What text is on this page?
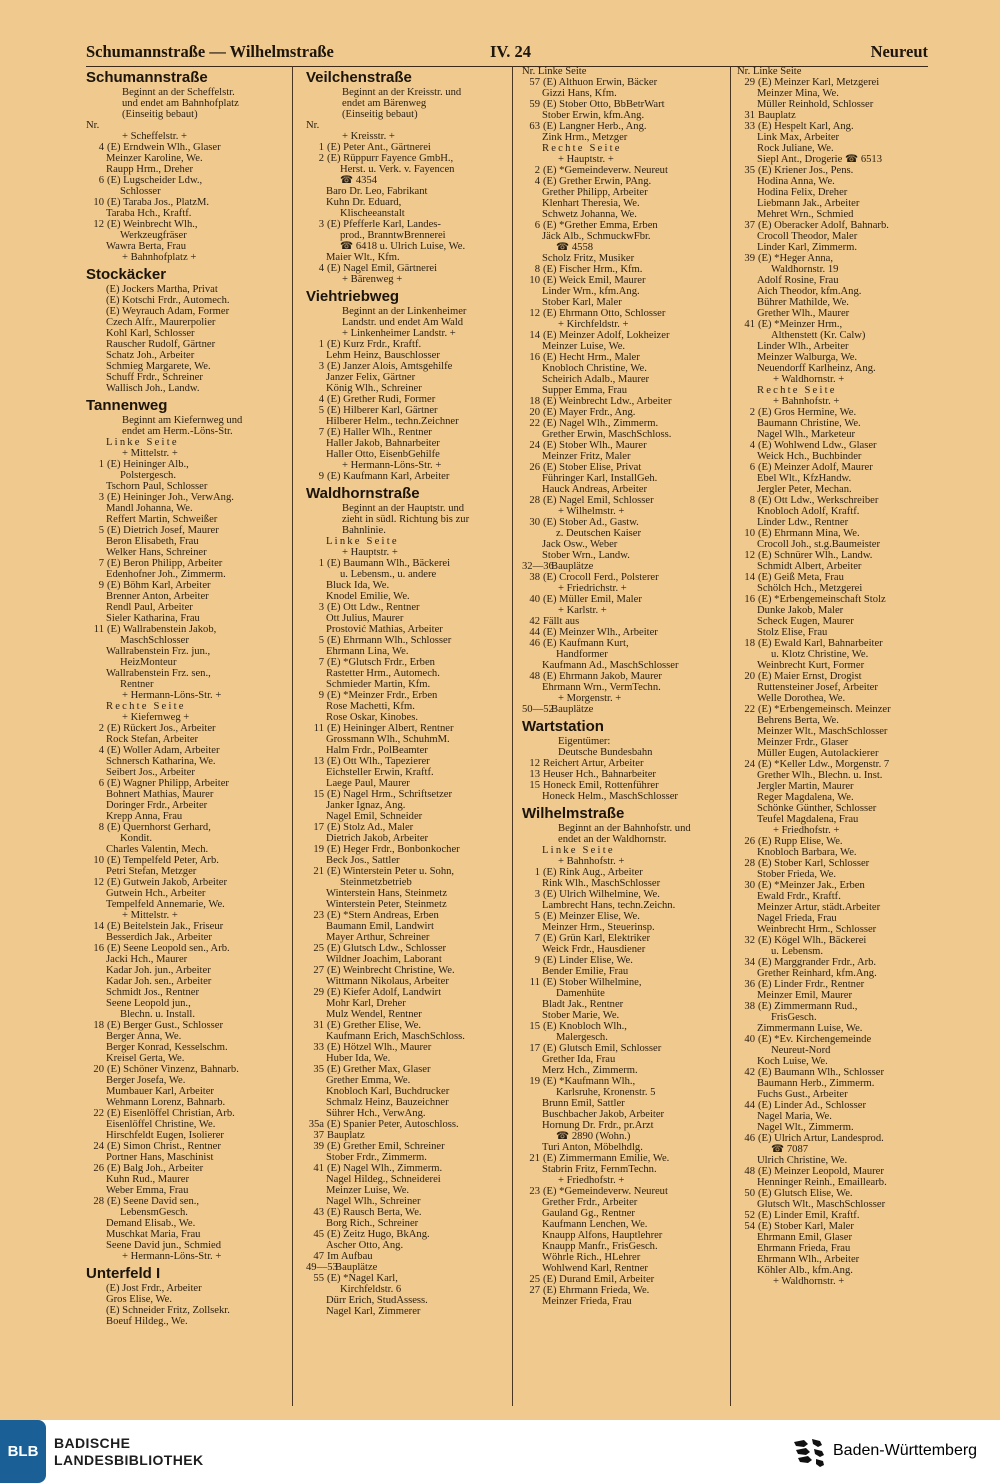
Schumannstraße — Wilhelmstraße	IV. 24	Neureut
Schumannstraße
Beginnt an der Scheffelstr.
und endet am Bahnhofplatz
(Einseitig bebaut)
Nr.
+ Scheffelstr. +
4 (E) Erndwein Wlh., Glaser
Meinzer Karoline, We.
Raupp Hrm., Dreher
6 (E) Lugscheider Ldw.,
Schlosser
10 (E) Taraba Jos., PlatzM.
Taraba Hch., Kraftf.
12 (E) Weinbrecht Wlh.,
Werkzeugfräser
Wawra Berta, Frau
+ Bahnhofplatz +
Stockäcker
(E) Jockers Martha, Privat
(E) Kotschi Frdr., Automech.
(E) Weyrauch Adam, Former
Czech Alfr., Maurerpolier
Kohl Karl, Schlosser
Rauscher Rudolf, Gärtner
Schatz Joh., Arbeiter
Schmieg Margarete, We.
Schuff Frdr., Schreiner
Wallisch Joh., Landw.
Tannenweg
Beginnt am Kiefernweg und
endet am Herm.-Löns-Str.
Linke Seite
+ Mittelstr. +
1 (E) Heininger Alb.,
Polstergesch.
Tschorn Paul, Schlosser
3 (E) Heininger Joh., VerwAng.
Mandl Johanna, We.
Reffert Martin, Schweißer
5 (E) Dietrich Josef, Maurer
Beron Elisabeth, Frau
Welker Hans, Schreiner
7 (E) Beron Philipp, Arbeiter
Edenhofner Joh., Zimmerm.
9 (E) Böhm Karl, Arbeiter
Brenner Anton, Arbeiter
Rendl Paul, Arbeiter
Sieler Katharina, Frau
11 (E) Wallrabenstein Jakob,
MaschSchlosser
Wallrabenstein Frz. jun.,
HeizMonteur
Wallrabenstein Frz. sen.,
Rentner
+ Hermann-Löns-Str. +
Rechte Seite
+ Kiefernweg +
2 (E) Rückert Jos., Arbeiter
Rock Stefan, Arbeiter
4 (E) Woller Adam, Arbeiter
Schnersch Katharina, We.
Seibert Jos., Arbeiter
6 (E) Wagner Philipp, Arbeiter
Bohnert Mathias, Maurer
Doringer Frdr., Arbeiter
Krepp Anna, Frau
8 (E) Quernhorst Gerhard,
Kondit.
Charles Valentin, Mech.
10 (E) Tempelfeld Peter, Arb.
Petri Stefan, Metzger
12 (E) Gutwein Jakob, Arbeiter
Gutwein Hch., Arbeiter
Tempelfeld Annemarie, We.
+ Mittelstr. +
14 (E) Beitelstein Jak., Friseur
Besserdich Jak., Arbeiter
16 (E) Seene Leopold sen., Arb.
Jacki Hch., Maurer
Kadar Joh. jun., Arbeiter
Kadar Joh. sen., Arbeiter
Schmidt Jos., Rentner
Seene Leopold jun.,
Blechn. u. Install.
18 (E) Berger Gust., Schlosser
Berger Anna, We.
Berger Konrad, Kesselschm.
Kreisel Gerta, We.
20 (E) Schöner Vinzenz, Bahnarb.
Berger Josefa, We.
Mumbauer Karl, Arbeiter
Wehmann Lorenz, Bahnarb.
22 (E) Eisenlöffel Christian, Arb.
Eisenlöffel Christine, We.
Hirschfeldt Eugen, Isolierer
24 (E) Simon Christ., Rentner
Portner Hans, Maschinist
26 (E) Balg Joh., Arbeiter
Kuhn Rud., Maurer
Weber Emma, Frau
28 (E) Seene David sen.,
LebensmGesch.
Demand Elisab., We.
Muschkat Maria, Frau
Seene David jun., Schmied
+ Hermann-Löns-Str. +
Unterfeld I
(E) Jost Frdr., Arbeiter
Gros Elise, We.
(E) Schneider Fritz, Zollsekr.
Boeuf Hildeg., We.
Veilchenstraße
Beginnt an der Kreisstr. und
endet am Bärenweg
(Einseitig bebaut)
Nr.
+ Kreisstr. +
1 (E) Peter Ant., Gärtnerei
2 (E) Rüppurr Fayence GmbH.,
Herst. u. Verk. v. Fayencen
☎ 4354
Baro Dr. Leo, Fabrikant
Kuhn Dr. Eduard,
Klischeeanstalt
3 (E) Pfefferle Karl, Landes-
prod., BranntwBrennerei
☎ 6418 u. Ulrich Luise, We.
Maier Wlt., Kfm.
4 (E) Nagel Emil, Gärtnerei
+ Bärenweg +
Viehtriebweg
Beginnt an der Linkenheimer
Landstr. und endet Am Wald
+ Linkenheimer Landstr. +
1 (E) Kurz Frdr., Kraftf.
Lehm Heinz, Bauschlosser
3 (E) Janzer Alois, Amtsgehilfe
Janzer Felix, Gärtner
König Wlh., Schreiner
4 (E) Grether Rudi, Former
5 (E) Hilberer Karl, Gärtner
Hilberer Helm., techn.Zeichner
7 (E) Haller Wlh., Rentner
Haller Jakob, Bahnarbeiter
Haller Otto, EisenbGehilfe
+ Hermann-Löns-Str. +
9 (E) Kaufmann Karl, Arbeiter
Waldhornstraße
Beginnt an der Hauptstr. und
zieht in südl. Richtung bis zur
Bahnlinie.
Linke Seite
+ Hauptstr. +
1 (E) Baumann Wlh., Bäckerei
u. Lebensm., u. andere
Bluck Ida, We.
Knodel Emilie, We.
3 (E) Ott Ldw., Rentner
Ott Julius, Maurer
Prostović Mathias, Arbeiter
5 (E) Ehrmann Wlh., Schlosser
Ehrmann Lina, We.
7 (E) *Glutsch Frdr., Erben
Rastetter Hrm., Automech.
Schmieder Martin, Kfm.
9 (E) *Meinzer Frdr., Erben
Rose Machetti, Kfm.
Rose Oskar, Kinobes.
11 (E) Heininger Albert, Rentner
Grossmann Wlh., SchuhmM.
Halm Frdr., PolBeamter
13 (E) Ott Wlh., Tapezierer
Eichsteller Erwin, Kraftf.
Laege Paul, Maurer
15 (E) Nagel Hrm., Schriftsetzer
Janker Ignaz, Ang.
Nagel Emil, Schneider
17 (E) Stolz Ad., Maler
Dietrich Jakob, Arbeiter
19 (E) Heger Frdr., Bonbonkocher
Beck Jos., Sattler
21 (E) Winterstein Peter u. Sohn,
Steinmetzbetrieb
Winterstein Hans, Steinmetz
Winterstein Peter, Steinmetz
23 (E) *Stern Andreas, Erben
Baumann Emil, Landwirt
Mayer Arthur, Schreiner
25 (E) Glutsch Ldw., Schlosser
Wildner Joachim, Laborant
27 (E) Weinbrecht Christine, We.
Wittmann Nikolaus, Arbeiter
29 (E) Kiefer Adolf, Landwirt
Mohr Karl, Dreher
Mulz Wendel, Rentner
31 (E) Grether Elise, We.
Kaufmann Erich, MaschSchloss.
33 (E) Hötzel Wlh., Maurer
Huber Ida, We.
35 (E) Grether Max, Glaser
Grether Emma, We.
Knobloch Karl, Buchdrucker
Schmalz Heinz, Bauzeichner
Sührer Hch., VerwAng.
35a (E) Spanier Peter, Autoschloss.
37 Bauplatz
39 (E) Grether Emil, Schreiner
Stober Frdr., Zimmerm.
41 (E) Nagel Wlh., Zimmerm.
Nagel Hildeg., Schneiderei
Meinzer Luise, We.
Nagel Wlh., Schreiner
43 (E) Rausch Berta, We.
Borg Rich., Schreiner
45 (E) Zeitz Hugo, BkAng.
Ascher Otto, Ang.
47 Im Aufbau
49—53Bauplätze
55 (E) *Nagel Karl,
Kirchfeldstr. 6
Dürr Erich, StudAssess.
Nagel Karl, Zimmerer
Nr. Linke Seite
57 (E) Althuon Erwin, Bäcker
Gizzi Hans, Kfm.
59 (E) Stober Otto, BbBetrWart
Stober Erwin, kfm.Ang.
63 (E) Langner Herb., Ang.
Zink Hrm., Metzger
Rechte Seite
+ Hauptstr. +
2 (E) *Gemeindeverw. Neureut
4 (E) Grether Erwin, PAng.
Grether Philipp, Arbeiter
Klenhart Theresia, We.
Schwetz Johanna, We.
6 (E) *Grether Emma, Erben
Jäck Alb., SchmuckwFbr.
☎ 4558
Scholz Fritz, Musiker
8 (E) Fischer Hrm., Kfm.
10 (E) Weick Emil, Maurer
Linder Wrn., kfm.Ang.
Stober Karl, Maler
12 (E) Ehrmann Otto, Schlosser
+ Kirchfeldstr. +
14 (E) Meinzer Adolf, Lokheizer
Meinzer Luise, We.
16 (E) Hecht Hrm., Maler
Knobloch Christine, We.
Scheirich Adalb., Maurer
Supper Emma, Frau
18 (E) Weinbrecht Ldw., Arbeiter
20 (E) Mayer Frdr., Ang.
22 (E) Nagel Wlh., Zimmerm.
Grether Erwin, MaschSchloss.
24 (E) Stober Wlh., Maurer
Meinzer Fritz, Maler
26 (E) Stober Elise, Privat
Führinger Karl, InstallGeh.
Hauck Andreas, Arbeiter
28 (E) Nagel Emil, Schlosser
+ Wilhelmstr. +
30 (E) Stober Ad., Gastw.
z. Deutschen Kaiser
Jack Osw., Weber
Stober Wrn., Landw.
32—36Bauplätze
38 (E) Crocoll Ferd., Polsterer
+ Friedrichstr. +
40 (E) Müller Emil, Maler
+ Karlstr. +
42 Fällt aus
44 (E) Meinzer Wlh., Arbeiter
46 (E) Kaufmann Kurt,
Handformer
Kaufmann Ad., MaschSchlosser
48 (E) Ehrmann Jakob, Maurer
Ehrmann Wrn., VermTechn.
+ Morgenstr. +
50—52Bauplätze
Wartstation
Eigentümer:
Deutsche Bundesbahn
12 Reichert Artur, Arbeiter
13 Heuser Hch., Bahnarbeiter
15 Honeck Emil, Rottenführer
Honeck Helm., MaschSchlosser
Wilhelmstraße
Beginnt an der Bahnhofstr. und
endet an der Waldhornstr.
Linke Seite
+ Bahnhofstr. +
1 (E) Rink Aug., Arbeiter
Rink Wlh., MaschSchlosser
3 (E) Ulrich Wilhelmine, We.
Lambrecht Hans, techn.Zeichn.
5 (E) Meinzer Elise, We.
Meinzer Hrm., Steuerinsp.
7 (E) Grün Karl, Elektriker
Weick Frdr., Hausdiener
9 (E) Linder Elise, We.
Bender Emilie, Frau
11 (E) Stober Wilhelmine,
Damenhüte
Bladt Jak., Rentner
Stober Marie, We.
15 (E) Knobloch Wlh.,
Malergesch.
17 (E) Glutsch Emil, Schlosser
Grether Ida, Frau
Merz Hch., Zimmerm.
19 (E) *Kaufmann Wlh.,
Karlsruhe, Kronenstr. 5
Brunn Emil, Sattler
Buschbacher Jakob, Arbeiter
Hornung Dr. Frdr., pr.Arzt
☎ 2890 (Wohn.)
Turi Anton, Möbelhdlg.
21 (E) Zimmermann Emilie, We.
Stabrin Fritz, FernmTechn.
+ Friedhofstr. +
23 (E) *Gemeindeverw. Neureut
Grether Frdr., Arbeiter
Gauland Gg., Rentner
Kaufmann Lenchen, We.
Knaupp Alfons, Hauptlehrer
Knaupp Manfr., FrisGesch.
Wöhrle Rich., HLehrer
Wohlwend Karl, Rentner
25 (E) Durand Emil, Arbeiter
27 (E) Ehrmann Frieda, We.
Meinzer Frieda, Frau
Nr. Linke Seite
29 (E) Meinzer Karl, Metzgerei
Meinzer Mina, We.
Müller Reinhold, Schlosser
31 Bauplatz
33 (E) Hespelt Karl, Ang.
Link Max, Arbeiter
Rock Juliane, We.
Siepl Ant., Drogerie ☎ 6513
35 (E) Kriener Jos., Pens.
Hodina Anna, We.
Hodina Felix, Dreher
Liebmann Jak., Arbeiter
Mehret Wrn., Schmied
37 (E) Oberacker Adolf, Bahnarb.
Crocoll Theodor, Maler
Linder Karl, Zimmerm.
39 (E) *Heger Anna,
Waldhornstr. 19
Adolf Rosine, Frau
Aich Theodor, kfm.Ang.
Bührer Mathilde, We.
Grether Wlh., Maurer
41 (E) *Meinzer Hrm.,
Althenstett (Kr. Calw)
Linder Wlh., Arbeiter
Meinzer Walburga, We.
Neuendorff Karlheinz, Ang.
+ Waldhornstr. +
Rechte Seite
+ Bahnhofstr. +
2 (E) Gros Hermine, We.
Baumann Christine, We.
Nagel Wlh., Marketeur
4 (E) Wohlwend Ldw., Glaser
Weick Hch., Buchbinder
6 (E) Meinzer Adolf, Maurer
Ebel Wlt., KfzHandw.
Jergler Peter, Mechan.
8 (E) Ott Ldw., Werkschreiber
Knobloch Adolf, Kraftf.
Linder Ldw., Rentner
10 (E) Ehrmann Mina, We.
Crocoll Joh., st.g.Baumeister
12 (E) Schnürer Wlh., Landw.
Schmidt Albert, Arbeiter
14 (E) Geiß Meta, Frau
Schölch Hch., Metzgerei
16 (E) *Erbengemeinschaft Stolz
Dunke Jakob, Maler
Scheck Eugen, Maurer
Stolz Elise, Frau
18 (E) Ewald Karl, Bahnarbeiter
u. Klotz Christine, We.
Weinbrecht Kurt, Former
20 (E) Maier Ernst, Drogist
Ruttensteiner Josef, Arbeiter
Welle Dorothea, We.
22 (E) *Erbengemeinsch. Meinzer
Behrens Berta, We.
Meinzer Wlt., MaschSchlosser
Meinzer Frdr., Glaser
Müller Eugen, Autolackierer
24 (E) *Keller Ldw., Morgenstr. 7
Grether Wlh., Blechn. u. Inst.
Jergler Martin, Maurer
Reger Magdalena, We.
Schönke Günther, Schlosser
Teufel Magdalena, Frau
+ Friedhofstr. +
26 (E) Rupp Elise, We.
Knobloch Barbara, We.
28 (E) Stober Karl, Schlosser
Stober Frieda, We.
30 (E) *Meinzer Jak., Erben
Ewald Frdr., Kraftf.
Meinzer Artur, städt.Arbeiter
Nagel Frieda, Frau
Weinbrecht Hrm., Schlosser
32 (E) Kögel Wlh., Bäckerei
u. Lebensm.
34 (E) Marggrander Frdr., Arb.
Grether Reinhard, kfm.Ang.
36 (E) Linder Frdr., Rentner
Meinzer Emil, Maurer
38 (E) Zimmermann Rud.,
FrisGesch.
Zimmermann Luise, We.
40 (E) *Ev. Kirchengemeinde
Neureut-Nord
Koch Luise, We.
42 (E) Baumann Wlh., Schlosser
Baumann Herb., Zimmerm.
Fuchs Gust., Arbeiter
44 (E) Linder Ad., Schlosser
Nagel Maria, We.
Nagel Wlt., Zimmerm.
46 (E) Ulrich Artur, Landesprod.
☎ 7087
Ulrich Christine, We.
48 (E) Meinzer Leopold, Maurer
Henninger Reinh., Emaillearb.
50 (E) Glutsch Elise, We.
Glutsch Wlt., MaschSchlosser
52 (E) Linder Emil, Kraftf.
54 (E) Stober Karl, Maler
Ehrmann Emil, Glaser
Ehrmann Frieda, Frau
Ehrmann Wlh., Arbeiter
Köhler Alb., kfm.Ang.
+ Waldhornstr. +
BLB	BADISCHE
LANDESBIBLIOTHEK
Baden-Württemberg
